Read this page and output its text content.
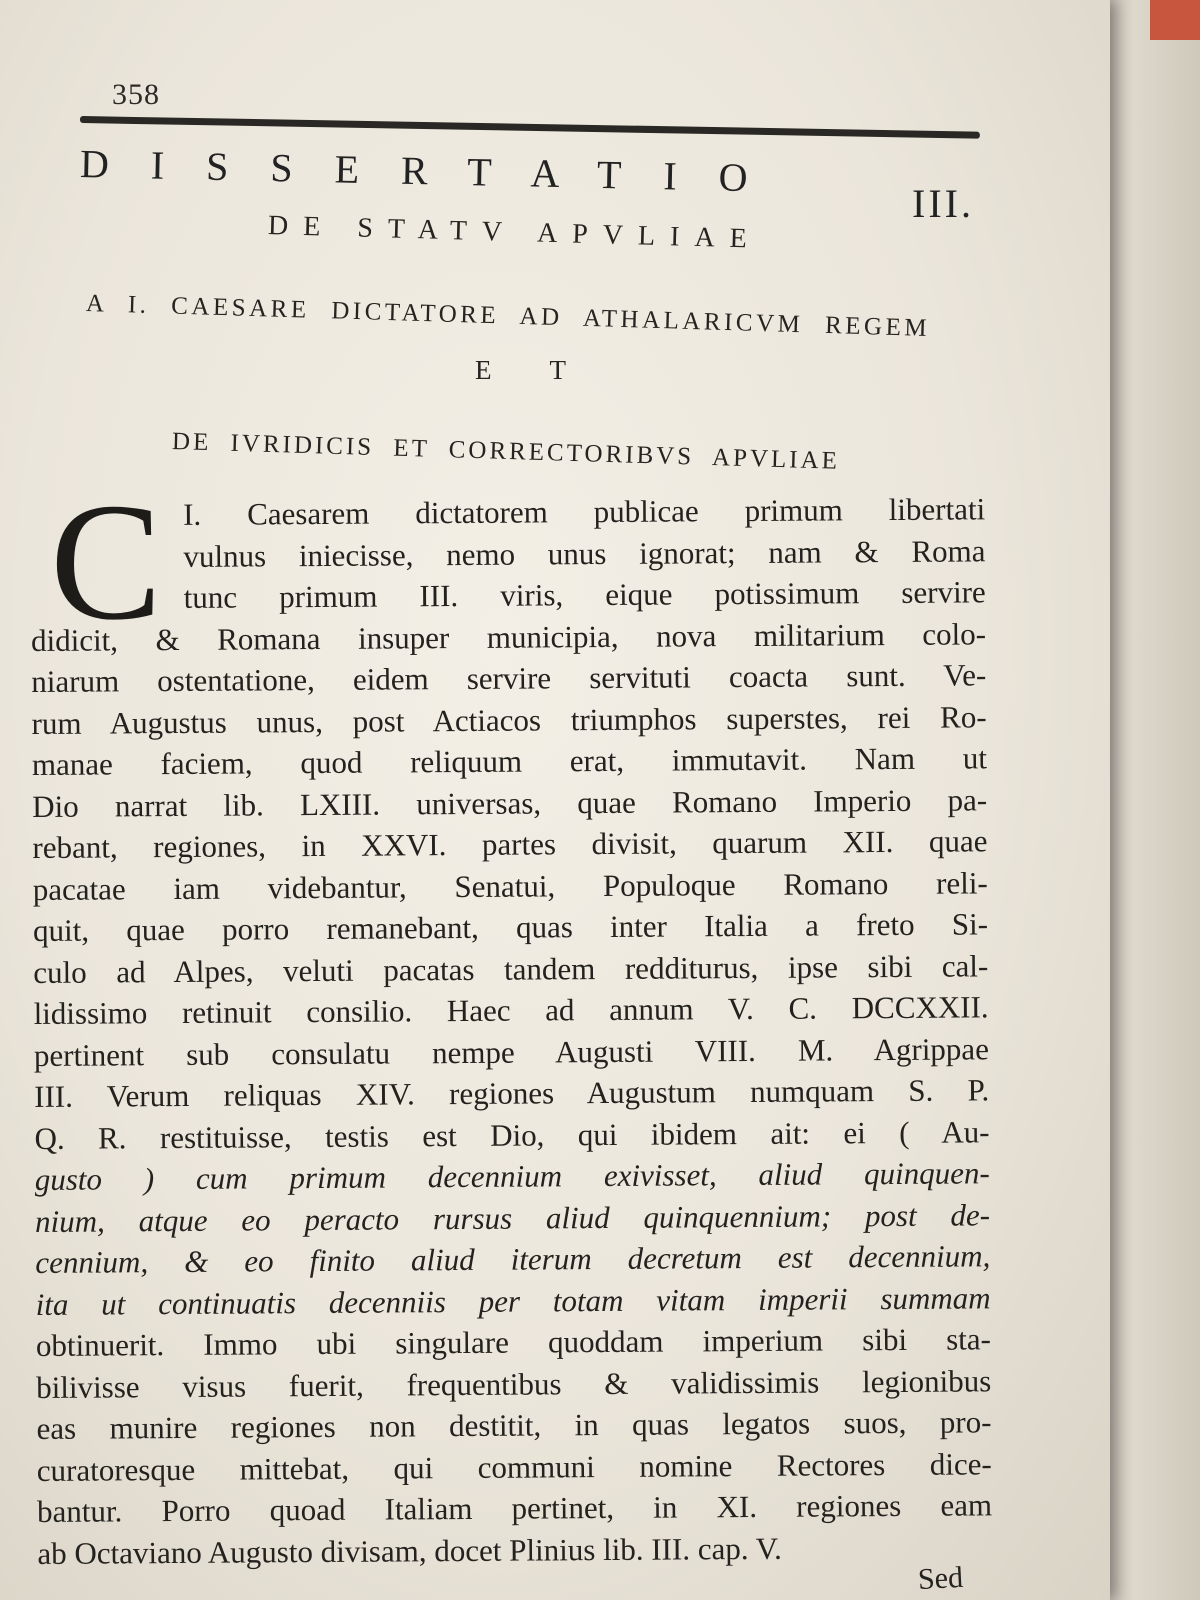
358
DISSERTATIO
III.
DE STATV APVLIAE
A I. CAESARE DICTATORE AD ATHALARICVM REGEM
ET
DE IVRIDICIS ET CORRECTORIBVS APVLIAE
C I. Caesarem dictatorem publicae primum libertati
vulnus iniecisse, nemo unus ignorat; nam & Roma
tunc primum III. viris, eique potissimum servire
didicit, & Romana insuper municipia, nova militarium colo-
niarum ostentatione, eidem servire servituti coacta sunt. Ve-
rum Augustus unus, post Actiacos triumphos superstes, rei Ro-
manae faciem, quod reliquum erat, immutavit. Nam ut
Dio narrat lib. LXIII. universas, quae Romano Imperio pa-
rebant, regiones, in XXVI. partes divisit, quarum XII. quae
pacatae iam videbantur, Senatui, Populoque Romano reli-
quit, quae porro remanebant, quas inter Italia a freto Si-
culo ad Alpes, veluti pacatas tandem redditurus, ipse sibi cal-
lidissimo retinuit consilio. Haec ad annum V. C. DCCXXII.
pertinent sub consulatu nempe Augusti VIII. M. Agrippae
III. Verum reliquas XIV. regiones Augustum numquam S. P.
Q. R. restituisse, testis est Dio, qui ibidem ait: ei ( Au-
gusto ) cum primum decennium exivisset, aliud quinquen-
nium, atque eo peracto rursus aliud quinquennium; post de-
cennium, & eo finito aliud iterum decretum est decennium,
ita ut continuatis decenniis per totam vitam imperii summam
obtinuerit. Immo ubi singulare quoddam imperium sibi sta-
bilivisse visus fuerit, frequentibus & validissimis legionibus
eas munire regiones non destitit, in quas legatos suos, pro-
curatoresque mittebat, qui communi nomine Rectores dice-
bantur. Porro quoad Italiam pertinet, in XI. regiones eam
ab Octaviano Augusto divisam, docet Plinius lib. III. cap. V.
Sed
